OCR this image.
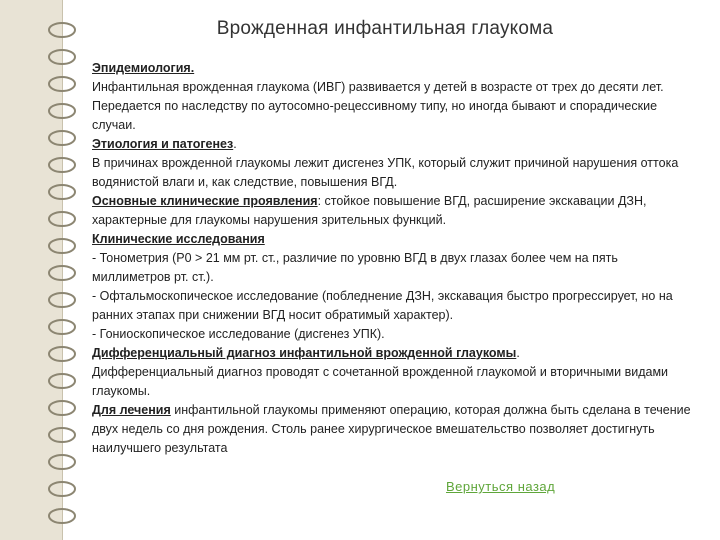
Врожденная инфантильная глаукома

Эпидемиология.

Инфантильная врожденная глаукома (ИВГ) развивается у детей в возрасте от трех до десяти лет. Передается по наследству по аутосомно-рецессивному типу, но иногда бывают и спорадические случаи.

Этиология и патогенез.

В причинах врожденной глаукомы лежит дисгенез УПК, который служит причиной нарушения оттока водянистой влаги и, как следствие, повышения ВГД.

Основные клинические проявления: стойкое повышение ВГД, расширение экскавации ДЗН, характерные для глаукомы нарушения зрительных функций.

Клинические исследования

- Тонометрия (Р0 > 21 мм рт. ст., различие по уровню ВГД в двух глазах более чем на пять миллиметров рт. ст.).

- Офтальмоскопическое исследование (побледнение ДЗН, экскавация быстро прогрессирует, но на ранних этапах при снижении ВГД носит обратимый характер).

- Гониоскопическое исследование (дисгенез УПК).

Дифференциальный диагноз инфантильной врожденной глаукомы.

Дифференциальный диагноз проводят с сочетанной врожденной глаукомой и вторичными видами глаукомы.

Для лечения инфантильной глаукомы применяют операцию, которая должна быть сделана в течение двух недель со дня рождения. Столь ранее хирургическое вмешательство позволяет достигнуть наилучшего результата

Вернуться назад
